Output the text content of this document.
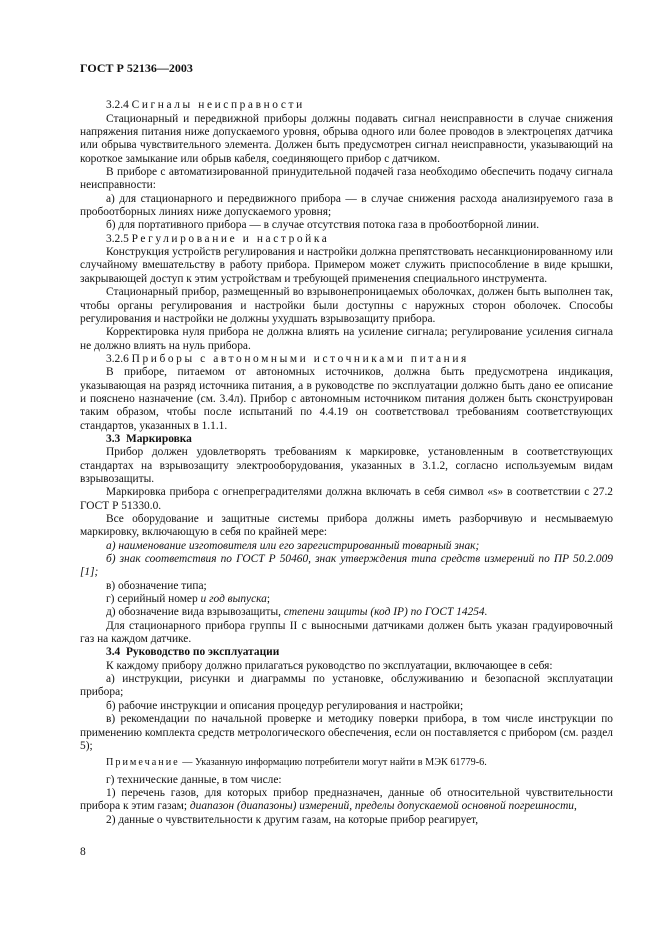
ГОСТ Р 52136—2003

3.2.4 Сигналы неисправности

Стационарный и передвижной приборы должны подавать сигнал неисправности в случае снижения напряжения питания ниже допускаемого уровня, обрыва одного или более проводов в электроцепях датчика или обрыва чувствительного элемента. Должен быть предусмотрен сигнал неисправности, указывающий на короткое замыкание или обрыв кабеля, соединяющего прибор с датчиком.

В приборе с автоматизированной принудительной подачей газа необходимо обеспечить подачу сигнала неисправности:

а) для стационарного и передвижного прибора — в случае снижения расхода анализируемого газа в пробоотборных линиях ниже допускаемого уровня;

б) для портативного прибора — в случае отсутствия потока газа в пробоотборной линии.

3.2.5 Регулирование и настройка

Конструкция устройств регулирования и настройки должна препятствовать несанкционированному или случайному вмешательству в работу прибора. Примером может служить приспособление в виде крышки, закрывающей доступ к этим устройствам и требующей применения специального инструмента.

Стационарный прибор, размещенный во взрывонепроницаемых оболочках, должен быть выполнен так, чтобы органы регулирования и настройки были доступны с наружных сторон оболочек. Способы регулирования и настройки не должны ухудшать взрывозащиту прибора.

Корректировка нуля прибора не должна влиять на усиление сигнала; регулирование усиления сигнала не должно влиять на нуль прибора.

3.2.6 Приборы с автономными источниками питания

В приборе, питаемом от автономных источников, должна быть предусмотрена индикация, указывающая на разряд источника питания, а в руководстве по эксплуатации должно быть дано ее описание и пояснено назначение (см. 3.4л). Прибор с автономным источником питания должен быть сконструирован таким образом, чтобы после испытаний по 4.4.19 он соответствовал требованиям соответствующих стандартов, указанных в 1.1.1.

3.3 Маркировка

Прибор должен удовлетворять требованиям к маркировке, установленным в соответствующих стандартах на взрывозащиту электрооборудования, указанных в 3.1.2, согласно используемым видам взрывозащиты.

Маркировка прибора с огнепреградителями должна включать в себя символ «s» в соответствии с 27.2 ГОСТ Р 51330.0.

Все оборудование и защитные системы прибора должны иметь разборчивую и несмываемую маркировку, включающую в себя по крайней мере:

а) наименование изготовителя или его зарегистрированный товарный знак;

б) знак соответствия по ГОСТ Р 50460, знак утверждения типа средств измерений по ПР 50.2.009 [1];

в) обозначение типа;

г) серийный номер и год выпуска;

д) обозначение вида взрывозащиты, степени защиты (код IP) по ГОСТ 14254.

Для стационарного прибора группы II с выносными датчиками должен быть указан градуировочный газ на каждом датчике.

3.4 Руководство по эксплуатации

К каждому прибору должно прилагаться руководство по эксплуатации, включающее в себя:

а) инструкции, рисунки и диаграммы по установке, обслуживанию и безопасной эксплуатации прибора;

б) рабочие инструкции и описания процедур регулирования и настройки;

в) рекомендации по начальной проверке и методику поверки прибора, в том числе инструкции по применению комплекта средств метрологического обеспечения, если он поставляется с прибором (см. раздел 5);

Примечание — Указанную информацию потребители могут найти в МЭК 61779-6.

г) технические данные, в том числе:

1) перечень газов, для которых прибор предназначен, данные об относительной чувствительности прибора к этим газам; диапазон (диапазоны) измерений, пределы допускаемой основной погрешности,

2) данные о чувствительности к другим газам, на которые прибор реагирует,

8
